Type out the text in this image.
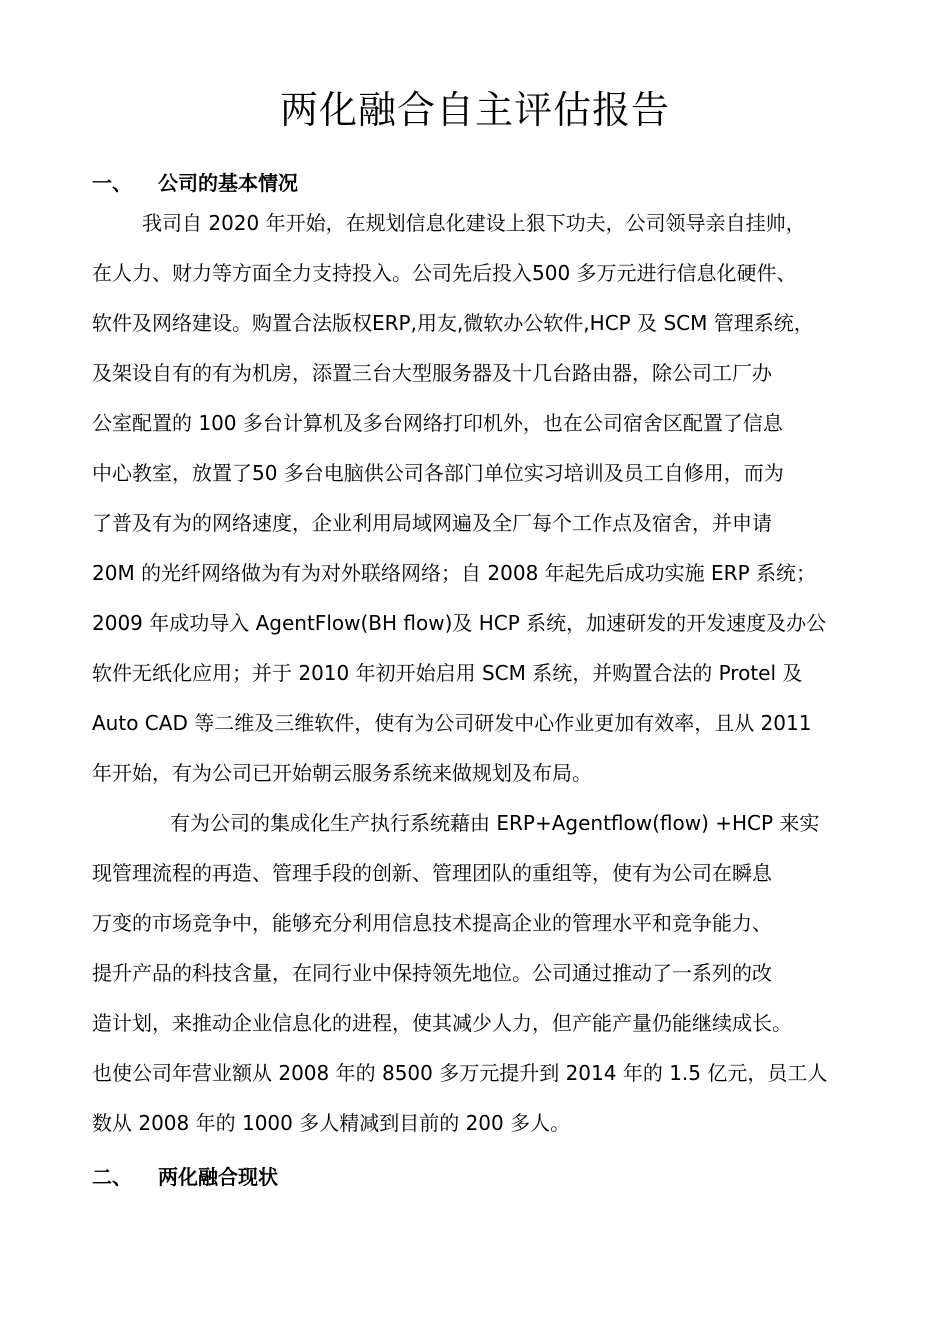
两化融合自主评估报告
一、 公司的基本情况
我司自 2020 年开始，在规划信息化建设上狠下功夫，公司领导亲自挂帅，
在人力、财力等方面全力支持投入。公司先后投入500 多万元进行信息化硬件、
软件及网络建设。购置合法版权ERP,用友,微软办公软件,HCP 及 SCM 管理系统，
及架设自有的有为机房，添置三台大型服务器及十几台路由器，除公司工厂办
公室配置的 100 多台计算机及多台网络打印机外，也在公司宿舍区配置了信息
中心教室，放置了50 多台电脑供公司各部门单位实习培训及员工自修用，而为
了普及有为的网络速度，企业利用局域网遍及全厂每个工作点及宿舍，并申请
20M 的光纤网络做为有为对外联络网络；自 2008 年起先后成功实施 ERP 系统；
2009 年成功导入 AgentFlow(BH flow)及 HCP 系统，加速研发的开发速度及办公
软件无纸化应用；并于 2010 年初开始启用 SCM 系统，并购置合法的 Protel 及
Auto CAD 等二维及三维软件，使有为公司研发中心作业更加有效率，且从 2011
年开始，有为公司已开始朝云服务系统来做规划及布局。
有为公司的集成化生产执行系统藉由 ERP+Agentflow(flow) +HCP 来实
现管理流程的再造、管理手段的创新、管理团队的重组等，使有为公司在瞬息
万变的市场竞争中，能够充分利用信息技术提高企业的管理水平和竞争能力、
提升产品的科技含量，在同行业中保持领先地位。公司通过推动了一系列的改
造计划，来推动企业信息化的进程，使其减少人力，但产能产量仍能继续成长。
也使公司年营业额从 2008 年的 8500 多万元提升到 2014 年的 1.5 亿元，员工人
数从 2008 年的 1000 多人精减到目前的 200 多人。
二、 两化融合现状
